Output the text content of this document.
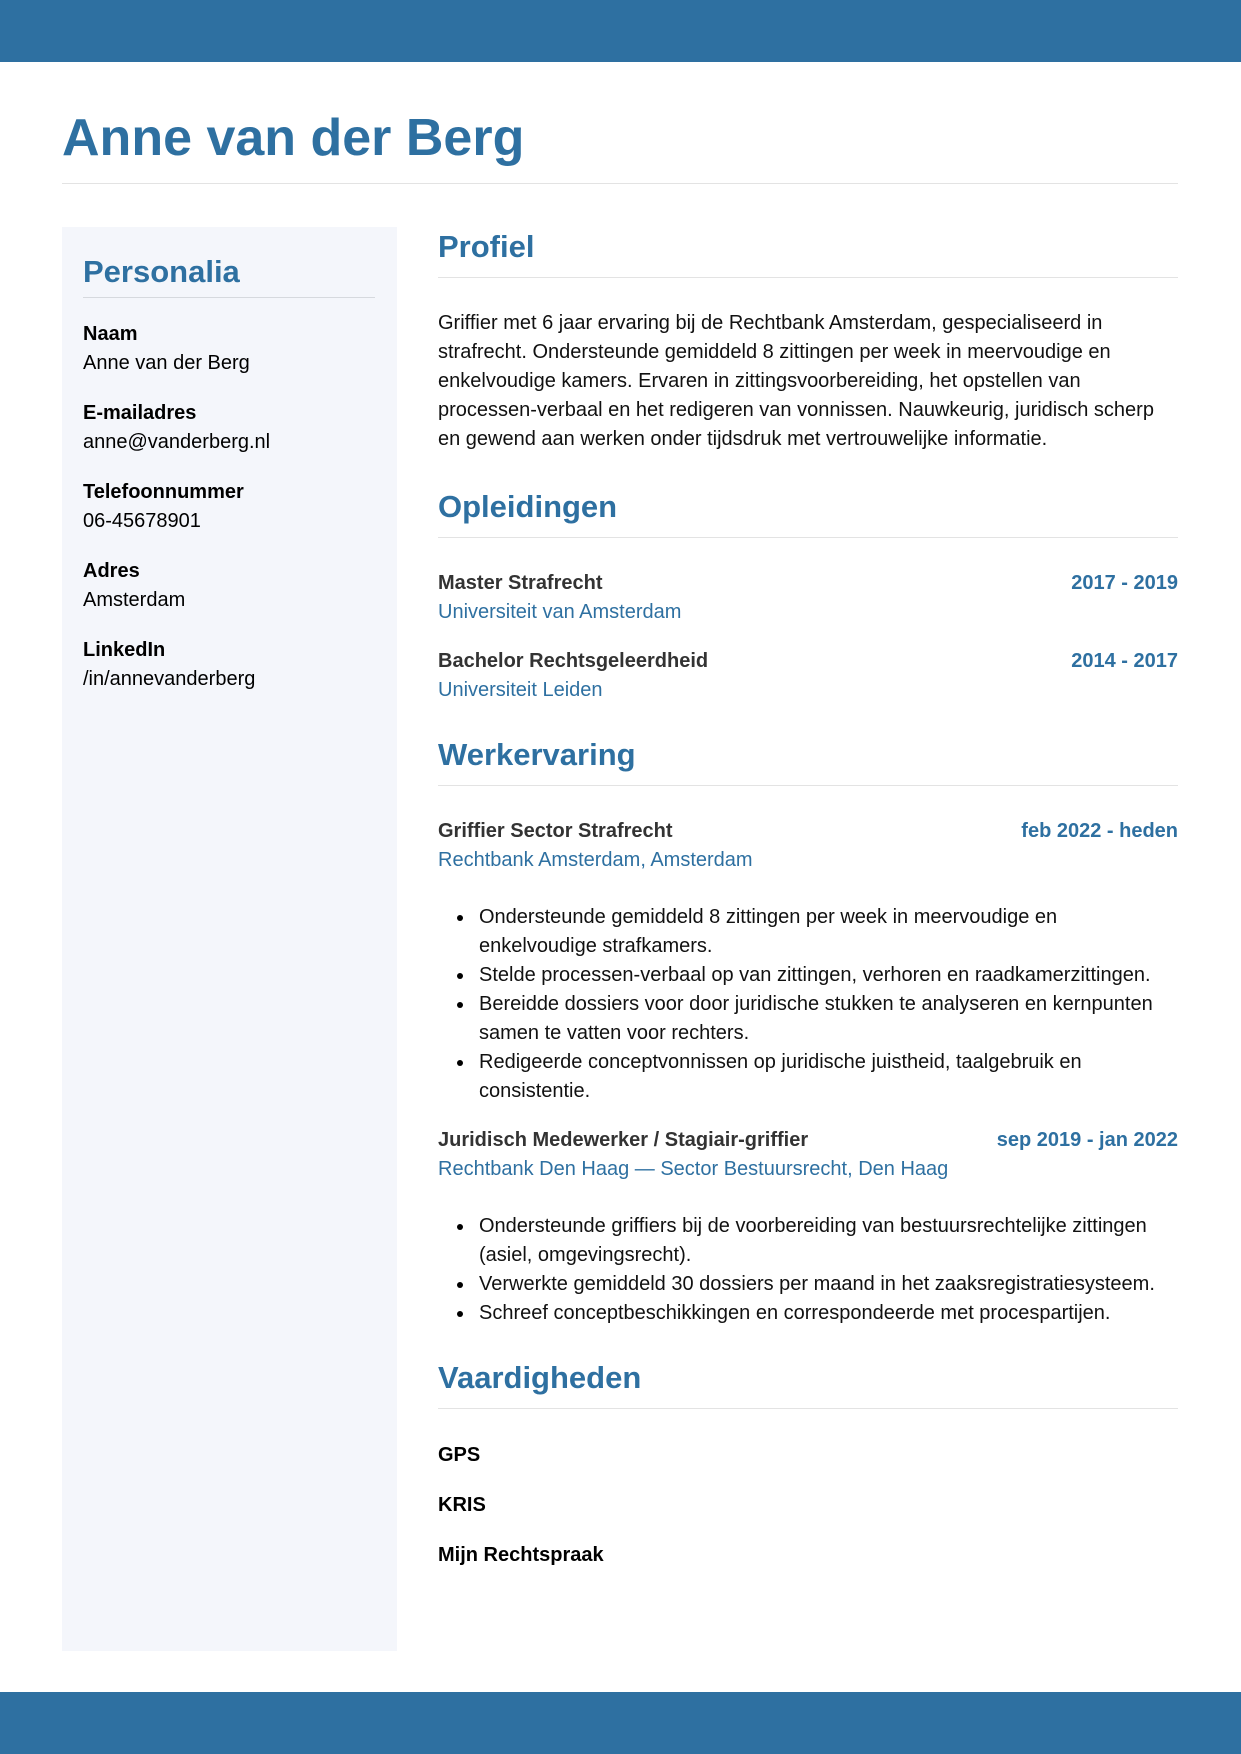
Anne van der Berg
Personalia
Naam
Anne van der Berg
E-mailadres
anne@vanderberg.nl
Telefoonnummer
06-45678901
Adres
Amsterdam
LinkedIn
/in/annevanderberg
Profiel

Griffier met 6 jaar ervaring bij de Rechtbank Amsterdam, gespecialiseerd in strafrecht. Ondersteunde gemiddeld 8 zittingen per week in meervoudige en enkelvoudige kamers. Ervaren in zittingsvoorbereiding, het opstellen van processen-verbaal en het redigeren van vonnissen. Nauwkeurig, juridisch scherp en gewend aan werken onder tijdsdruk met vertrouwelijke informatie.

Opleidingen
Master Strafrecht	2017 - 2019
Universiteit van Amsterdam
Bachelor Rechtsgeleerdheid	2014 - 2017
Universiteit Leiden
Werkervaring
Griffier Sector Strafrecht	feb 2022 - heden
Rechtbank Amsterdam, Amsterdam
Ondersteunde gemiddeld 8 zittingen per week in meervoudige en enkelvoudige strafkamers.
Stelde processen-verbaal op van zittingen, verhoren en raadkamerzittingen.
Bereidde dossiers voor door juridische stukken te analyseren en kernpunten samen te vatten voor rechters.
Redigeerde conceptvonnissen op juridische juistheid, taalgebruik en consistentie.
Juridisch Medewerker / Stagiair-griffier	sep 2019 - jan 2022
Rechtbank Den Haag — Sector Bestuursrecht, Den Haag
Ondersteunde griffiers bij de voorbereiding van bestuursrechtelijke zittingen (asiel, omgevingsrecht).
Verwerkte gemiddeld 30 dossiers per maand in het zaaksregistratiesysteem.
Schreef conceptbeschikkingen en correspondeerde met procespartijen.
Vaardigheden
GPS
KRIS
Mijn Rechtspraak
